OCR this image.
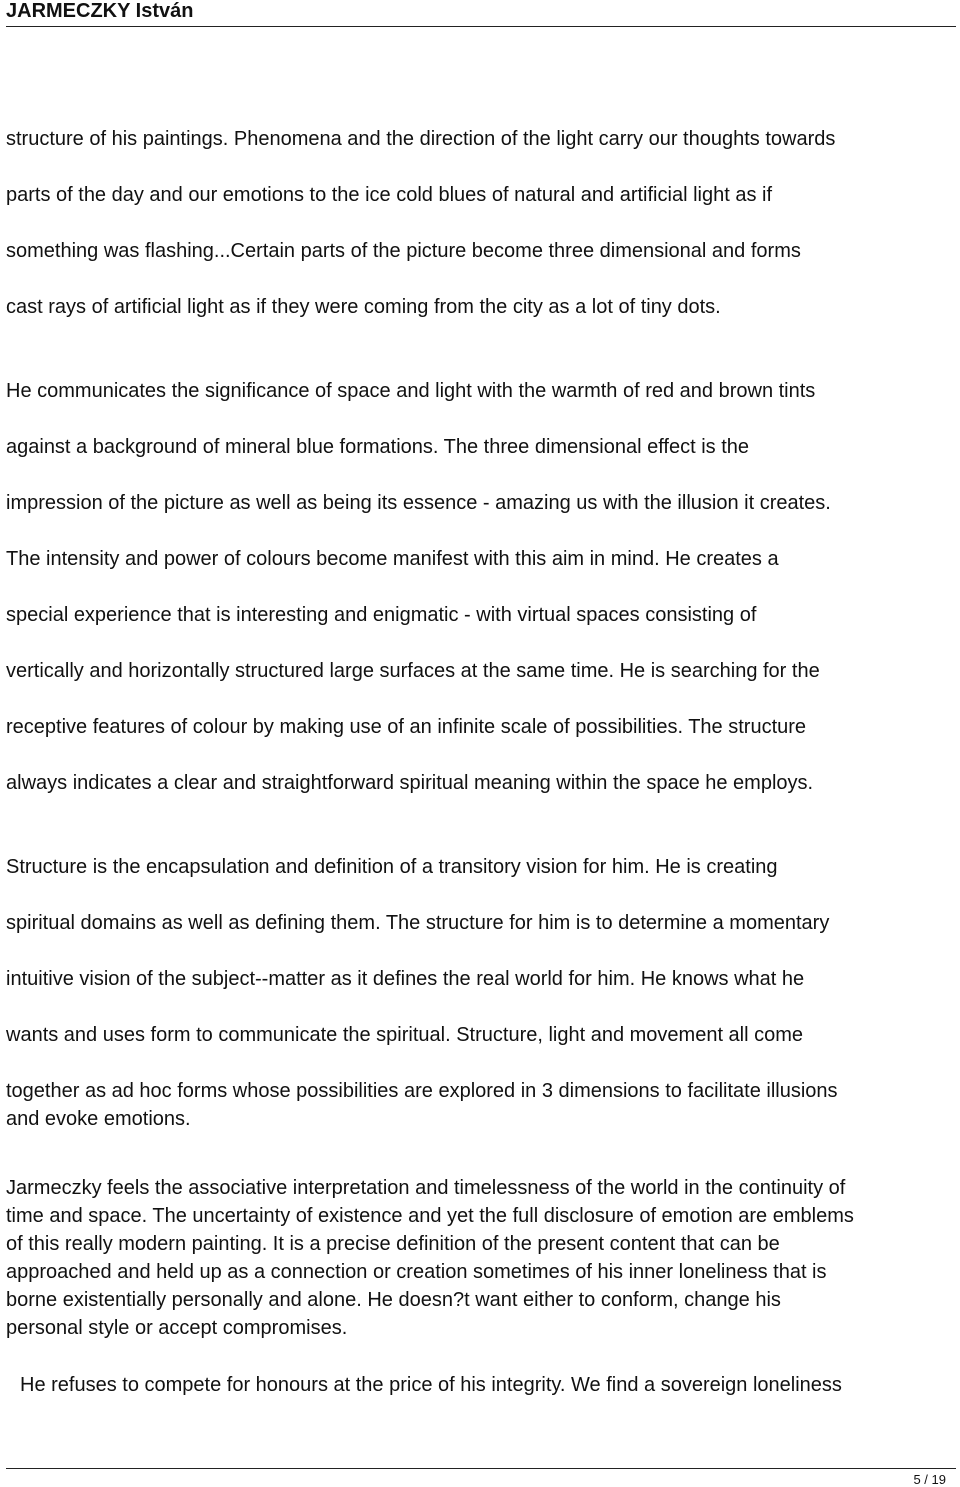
JARMECZKY István
structure of his paintings. Phenomena and the direction of the light carry our thoughts towards
parts of the day and our emotions to the ice cold blues of natural and artificial light as if
something was flashing...Certain parts of the picture become three dimensional and forms
cast rays of artificial light as if they were coming from the city as a lot of tiny dots.
He communicates the significance of space and light with the warmth of red and brown tints
against a background of mineral blue formations. The three dimensional effect is the
impression of the picture as well as being its essence - amazing us with the illusion it creates.
The intensity and power of colours become manifest with this aim in mind. He creates a
special experience that is interesting and enigmatic - with virtual spaces consisting of
vertically and horizontally structured large surfaces at the same time. He is searching for the
receptive features of colour by making use of an infinite scale of possibilities. The structure
always indicates a clear and straightforward spiritual meaning within the space he employs.
Structure is the encapsulation and definition of a transitory vision for him. He is creating
spiritual domains as well as defining them. The structure for him is to determine a momentary
intuitive vision of the subject--matter as it defines the real world for him. He knows what he
wants and uses form to communicate the spiritual. Structure, light and movement all come
together as ad hoc forms whose possibilities are explored in 3 dimensions to facilitate illusions
and evoke emotions.
Jarmeczky feels the associative interpretation and timelessness of the world in the continuity of
time and space. The uncertainty of existence and yet the full disclosure of emotion are emblems
of this really modern painting. It is a precise definition of the present content that can be
approached and held up as a connection or creation sometimes of his inner loneliness that is
borne existentially personally and alone. He doesn?t want either to conform, change his
personal style or accept compromises.
He refuses to compete for honours at the price of his integrity. We find a sovereign loneliness
5 / 19
